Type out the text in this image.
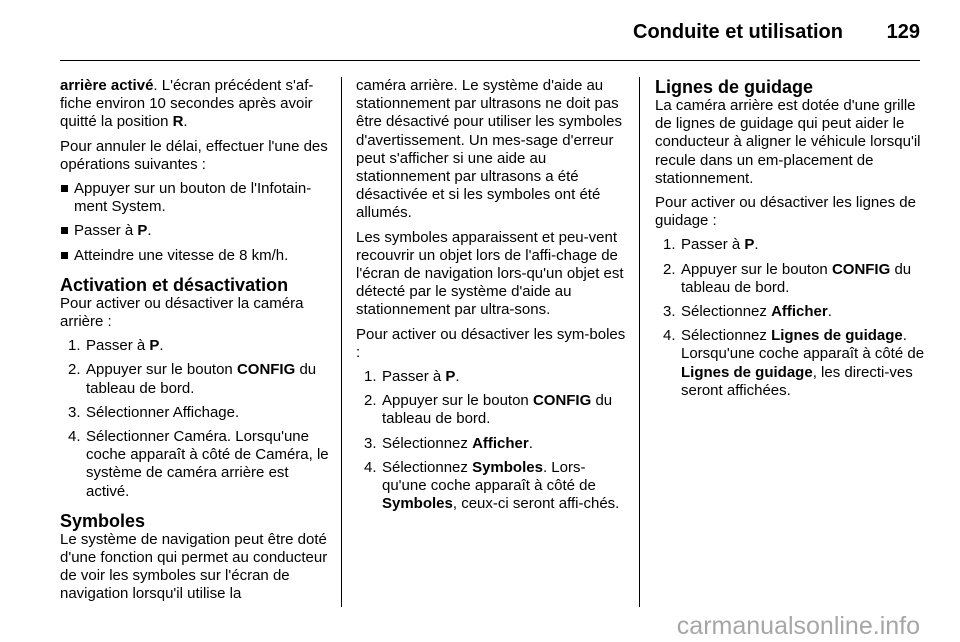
Conduite et utilisation 129

arrière activé. L'écran précédent s'af-fiche environ 10 secondes après avoir quitté la position R.

Pour annuler le délai, effectuer l'une des opérations suivantes :

Appuyer sur un bouton de l'Infotain-ment System.
Passer à P.
Atteindre une vitesse de 8 km/h.
Activation et désactivation

Pour activer ou désactiver la caméra arrière :

1. Passer à P.
2. Appuyer sur le bouton CONFIG du tableau de bord.
3. Sélectionner Affichage.
4. Sélectionner Caméra. Lorsqu'une coche apparaît à côté de Caméra, le système de caméra arrière est activé.
Symboles

Le système de navigation peut être doté d'une fonction qui permet au conducteur de voir les symboles sur l'écran de navigation lorsqu'il utilise la

caméra arrière. Le système d'aide au stationnement par ultrasons ne doit pas être désactivé pour utiliser les symboles d'avertissement. Un mes-sage d'erreur peut s'afficher si une aide au stationnement par ultrasons a été désactivée et si les symboles ont été allumés.

Les symboles apparaissent et peu-vent recouvrir un objet lors de l'affi-chage de l'écran de navigation lors-qu'un objet est détecté par le système d'aide au stationnement par ultra-sons.

Pour activer ou désactiver les sym-boles :

1. Passer à P.
2. Appuyer sur le bouton CONFIG du tableau de bord.
3. Sélectionnez Afficher.
4. Sélectionnez Symboles. Lors-qu'une coche apparaît à côté de Symboles, ceux-ci seront affi-chés.
Lignes de guidage

La caméra arrière est dotée d'une grille de lignes de guidage qui peut aider le conducteur à aligner le véhicule lorsqu'il recule dans un em-placement de stationnement.

Pour activer ou désactiver les lignes de guidage :

1. Passer à P.
2. Appuyer sur le bouton CONFIG du tableau de bord.
3. Sélectionnez Afficher.
4. Sélectionnez Lignes de guidage. Lorsqu'une coche apparaît à côté de Lignes de guidage, les directi-ves seront affichées.
carmanualsonline.info
